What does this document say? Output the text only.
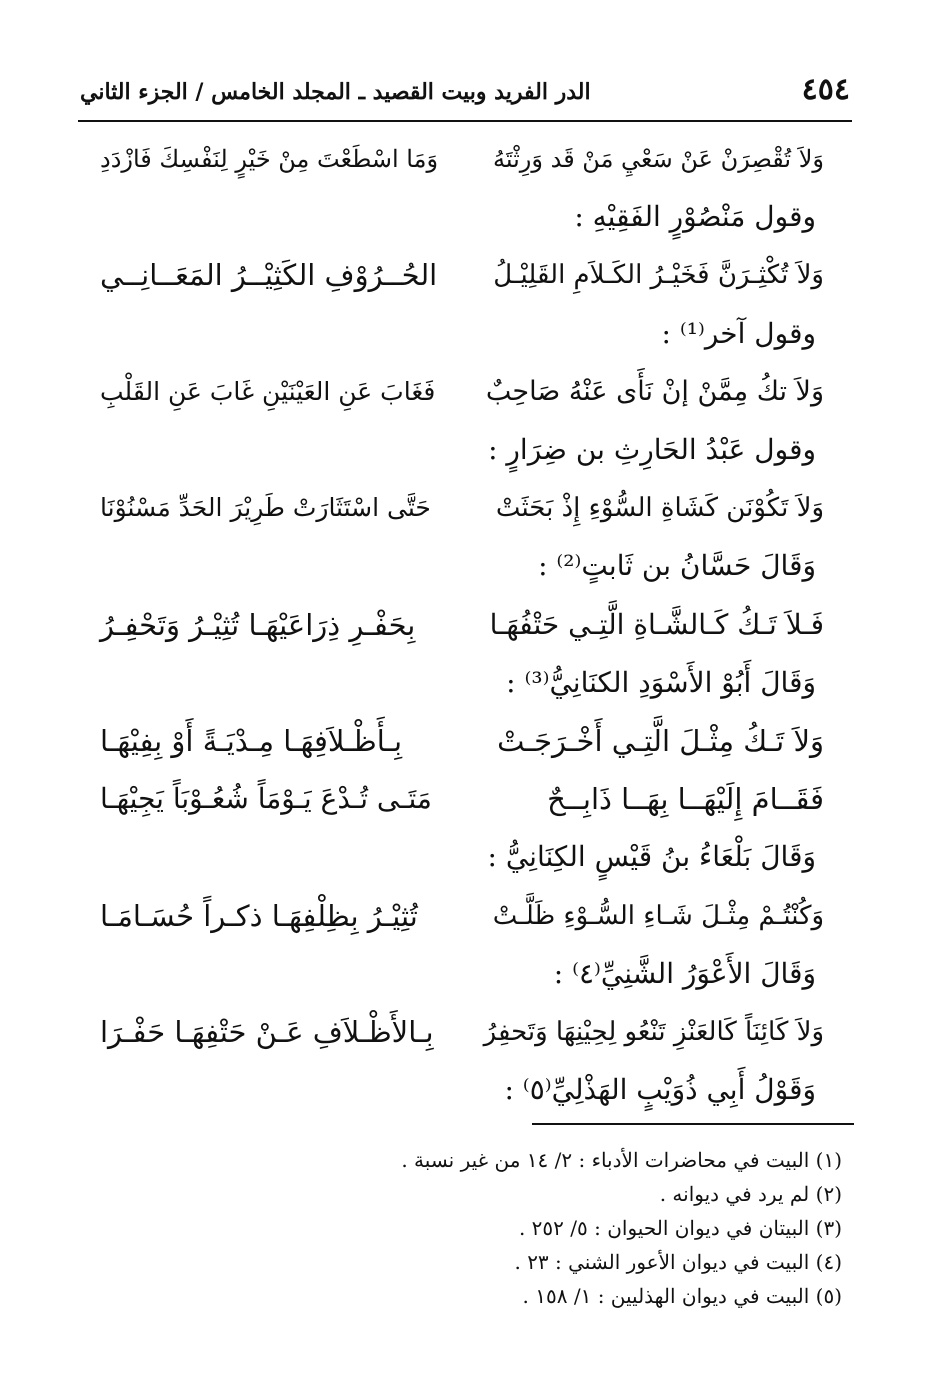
٤٥٤
الدر الفريد وبيت القصيد ـ المجلد الخامس / الجزء الثاني
وَلاَ تُقْصِرَنْ عَنْ سَعْيِ مَنْ قَد وَرِثْتَهُ
وَمَا اسْطَعْتَ مِنْ خَيْرٍ لِنَفْسِكَ فَازْدَدِ
وقول مَنْصُوْرٍ الفَقِيْهِ :
وَلاَ تُكْثِـرَنَّ فَخَيْـرُ الكَـلاَمِ القَلِيْـلُ
الحُــرُوْفِ الكَثِيْــرُ المَعَــانِــي
وقول آخر⁽¹⁾ :
وَلاَ تكُ مِمَّنْ إنْ نَأَى عَنْهُ صَاحِبٌ
فَغَابَ عَنِ العَيْنَيْنِ غَابَ عَنِ القَلْبِ
وقول عَبْدُ الحَارِثِ بن ضِرَارٍ :
وَلاَ تَكُوْنَن كَشَاةِ السُّوْءِ إِذْ بَحَثَتْ
حَتَّى اسْتَثَارَتْ طَرِيْرَ الحَدِّ مَسْنُوْنَا
وَقَالَ حَسَّانُ بن ثَابتٍ⁽²⁾ :
فَـلاَ تَـكُ كَـالشَّـاةِ الَّتِـي حَتْفُهَـا
بِحَفْـرِ ذِرَاعَيْهَـا تُثِيْـرُ وَتَحْفِـرُ
وَقَالَ أَبُوْ الأَسْوَدِ الكنَانِيُّ⁽³⁾ :
وَلاَ تَـكُ مِثْـلَ الَّتِـي أَخْـرَجَـتْ
بِـأَظْـلاَفِهَـا مِـدْيَـةً أَوْ بِفِيْهَـا
فَقَــامَ إِلَيْهَــا بِهَــا ذَابِــحٌ
مَتَـى تُـدْعَ يَـوْمَاً شُعُـوْبَاً يَجِيْهَـا
وَقَالَ بَلْعَاءُ بنُ قَيْسٍ الكِنَانِيُّ :
وَكُنْتُـمْ مِثْـلَ شَـاءِ السُّـوْءِ ظَلَّـتْ
تُثِيْـرُ بِظِلْفِهَـا ذكـراً حُسَـامَـا
وَقَالَ الأَعْوَرُ الشَّنِيِّ⁽٤⁾ :
وَلاَ كَائِنَاً كَالعَنْزِ تَنْعُو لِحِيْنِهَا وَتَحفِرُ
بِـالأَظْـلاَفِ عَـنْ حَتْفِهَـا حَفْـرَا
وَقَوْلُ أَبِي ذُوَيْبٍ الهَذْلِيِّ⁽٥⁾ :
(١) البيت في محاضرات الأدباء : ٢/ ١٤ من غير نسبة .
(٢) لم يرد في ديوانه .
(٣) البيتان في ديوان الحيوان : ٥/ ٢٥٢ .
(٤) البيت في ديوان الأعور الشني : ٢٣ .
(٥) البيت في ديوان الهذليين : ١/ ١٥٨ .
